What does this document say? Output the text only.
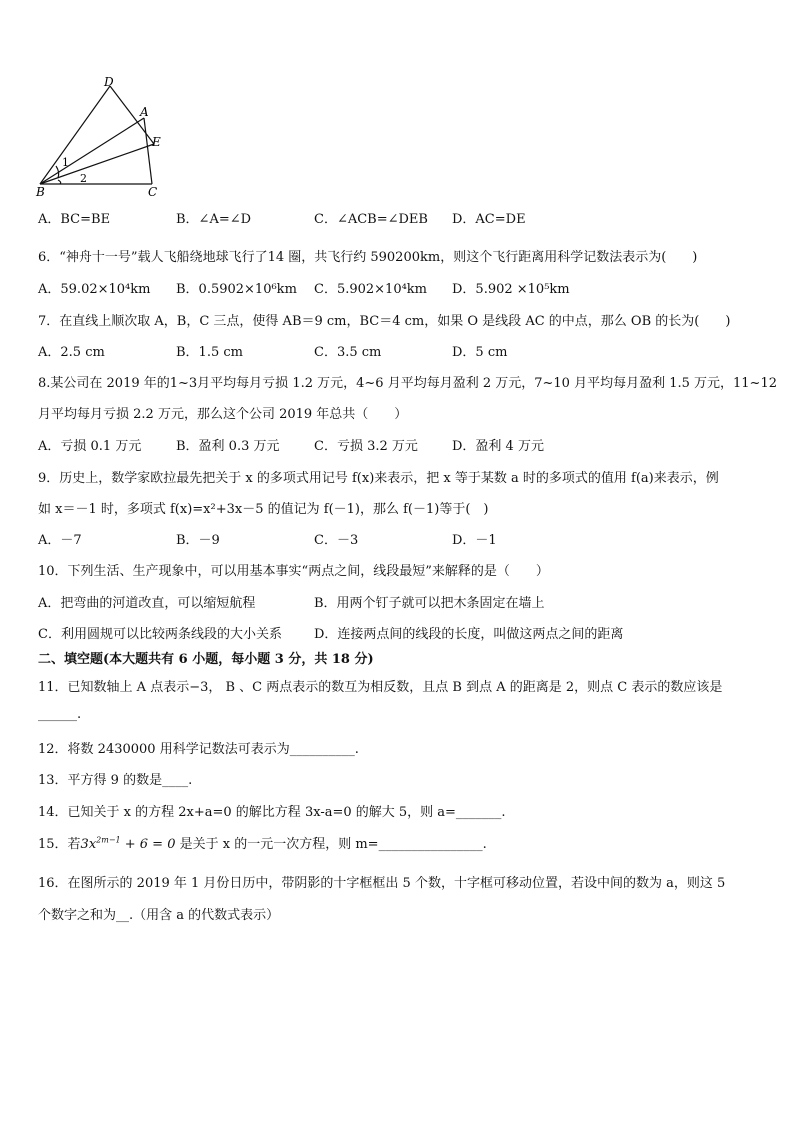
D
A
E
B	C
1
2
A．BC=BE	B．∠A=∠D	C．∠ACB=∠DEB D．AC=DE
6．“神舟十一号”载人飞船绕地球飞行了14 圈，共飞行约 590200km，则这个飞行距离用科学记数法表示为(　　)
A．59.02×10⁴km B．0.5902×10⁶km C．5.902×10⁴km D．5.902 ×10⁵km
7．在直线上顺次取 A，B，C 三点，使得 AB＝9 cm，BC＝4 cm，如果 O 是线段 AC 的中点，那么 OB 的长为(　　)
A．2.5 cm	B．1.5 cm	C．3.5 cm	D．5 cm
8.某公司在 2019 年的1~3月平均每月亏损 1.2 万元，4~6 月平均每月盈利 2 万元，7~10 月平均每月盈利 1.5 万元，11~12
月平均每月亏损 2.2 万元，那么这个公司 2019 年总共（　　）
A．亏损 0.1 万元	B．盈利 0.3 万元	C．亏损 3.2 万元	D．盈利 4 万元
9．历史上，数学家欧拉最先把关于 x 的多项式用记号 f(x)来表示，把 x 等于某数 a 时的多项式的值用 f(a)来表示，例
如 x＝－1 时，多项式 f(x)=x²+3x－5 的值记为 f(－1)，那么 f(－1)等于(　)
A．－7	B．－9	C．－3	D．－1
10．下列生活、生产现象中，可以用基本事实“两点之间，线段最短”来解释的是（　　）
A．把弯曲的河道改直，可以缩短航程	B．用两个钉子就可以把木条固定在墙上
C．利用圆规可以比较两条线段的大小关系 D．连接两点间的线段的长度，叫做这两点之间的距离
二、填空题(本大题共有 6 小题，每小题 3 分，共 18 分)
11．已知数轴上 A 点表示−3， B 、C 两点表示的数互为相反数，且点 B 到点 A 的距离是 2，则点 C 表示的数应该是
______.
12．将数 2430000 用科学记数法可表示为__________.
13．平方得 9 的数是____.
14．已知关于 x 的方程 2x+a=0 的解比方程 3x-a=0 的解大 5，则 a=_______.
15．若$3x^{2m-1} + 6 = 0$ 是关于 x 的一元一次方程，则 m=________________.
16．在图所示的 2019 年 1 月份日历中，带阴影的十字框框出 5 个数，十字框可移动位置，若设中间的数为 a，则这 5
个数字之和为__.（用含 a 的代数式表示）
